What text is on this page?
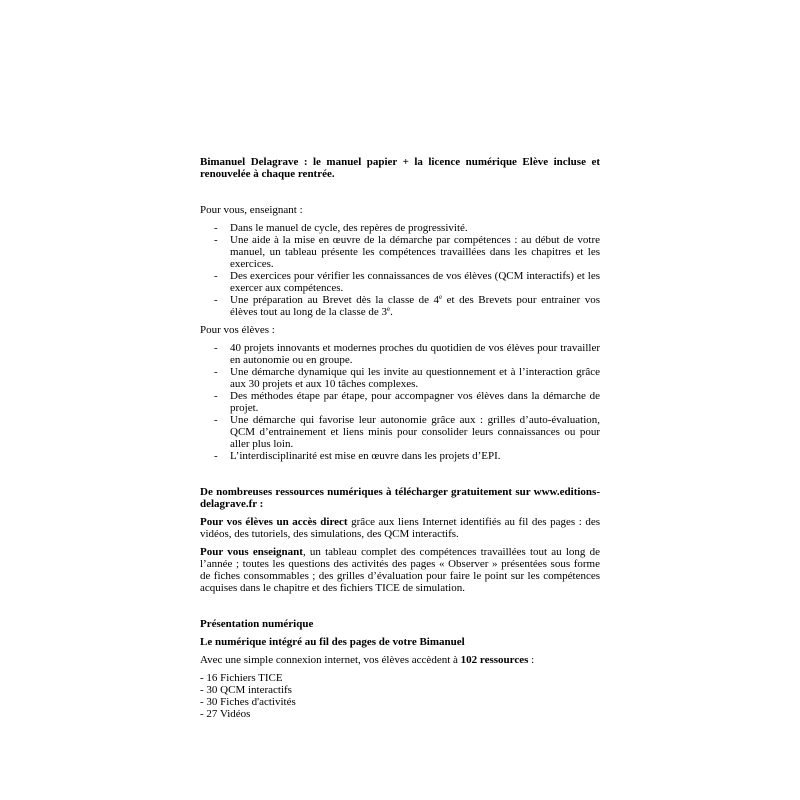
Bimanuel Delagrave : le manuel papier + la licence numérique Elève incluse et renouvelée à chaque rentrée.

Pour vous, enseignant :

- Dans le manuel de cycle, des repères de progressivité.
- Une aide à la mise en œuvre de la démarche par compétences : au début de votre manuel, un tableau présente les compétences travaillées dans les chapitres et les exercices.
- Des exercices pour vérifier les connaissances de vos élèves (QCM interactifs) et les exercer aux compétences.
- Une préparation au Brevet dès la classe de 4e et des Brevets pour entrainer vos élèves tout au long de la classe de 3e.

Pour vos élèves :

- 40 projets innovants et modernes proches du quotidien de vos élèves pour travailler en autonomie ou en groupe.
- Une démarche dynamique qui les invite au questionnement et à l’interaction grâce aux 30 projets et aux 10 tâches complexes.
- Des méthodes étape par étape, pour accompagner vos élèves dans la démarche de projet.
- Une démarche qui favorise leur autonomie grâce aux : grilles d’auto-évaluation, QCM d’entrainement et liens minis pour consolider leurs connaissances ou pour aller plus loin.
- L’interdisciplinarité est mise en œuvre dans les projets d’EPI.

De nombreuses ressources numériques à télécharger gratuitement sur www.editions-delagrave.fr :

Pour vos élèves un accès direct grâce aux liens Internet identifiés au fil des pages : des vidéos, des tutoriels, des simulations, des QCM interactifs.

Pour vous enseignant, un tableau complet des compétences travaillées tout au long de l’année ; toutes les questions des activités des pages « Observer » présentées sous forme de fiches consommables ; des grilles d’évaluation pour faire le point sur les compétences acquises dans le chapitre et des fichiers TICE de simulation.

Présentation numérique

Le numérique intégré au fil des pages de votre Bimanuel

Avec une simple connexion internet, vos élèves accèdent à 102 ressources :

- 16 Fichiers TICE
- 30 QCM interactifs
- 30 Fiches d'activités
- 27 Vidéos
